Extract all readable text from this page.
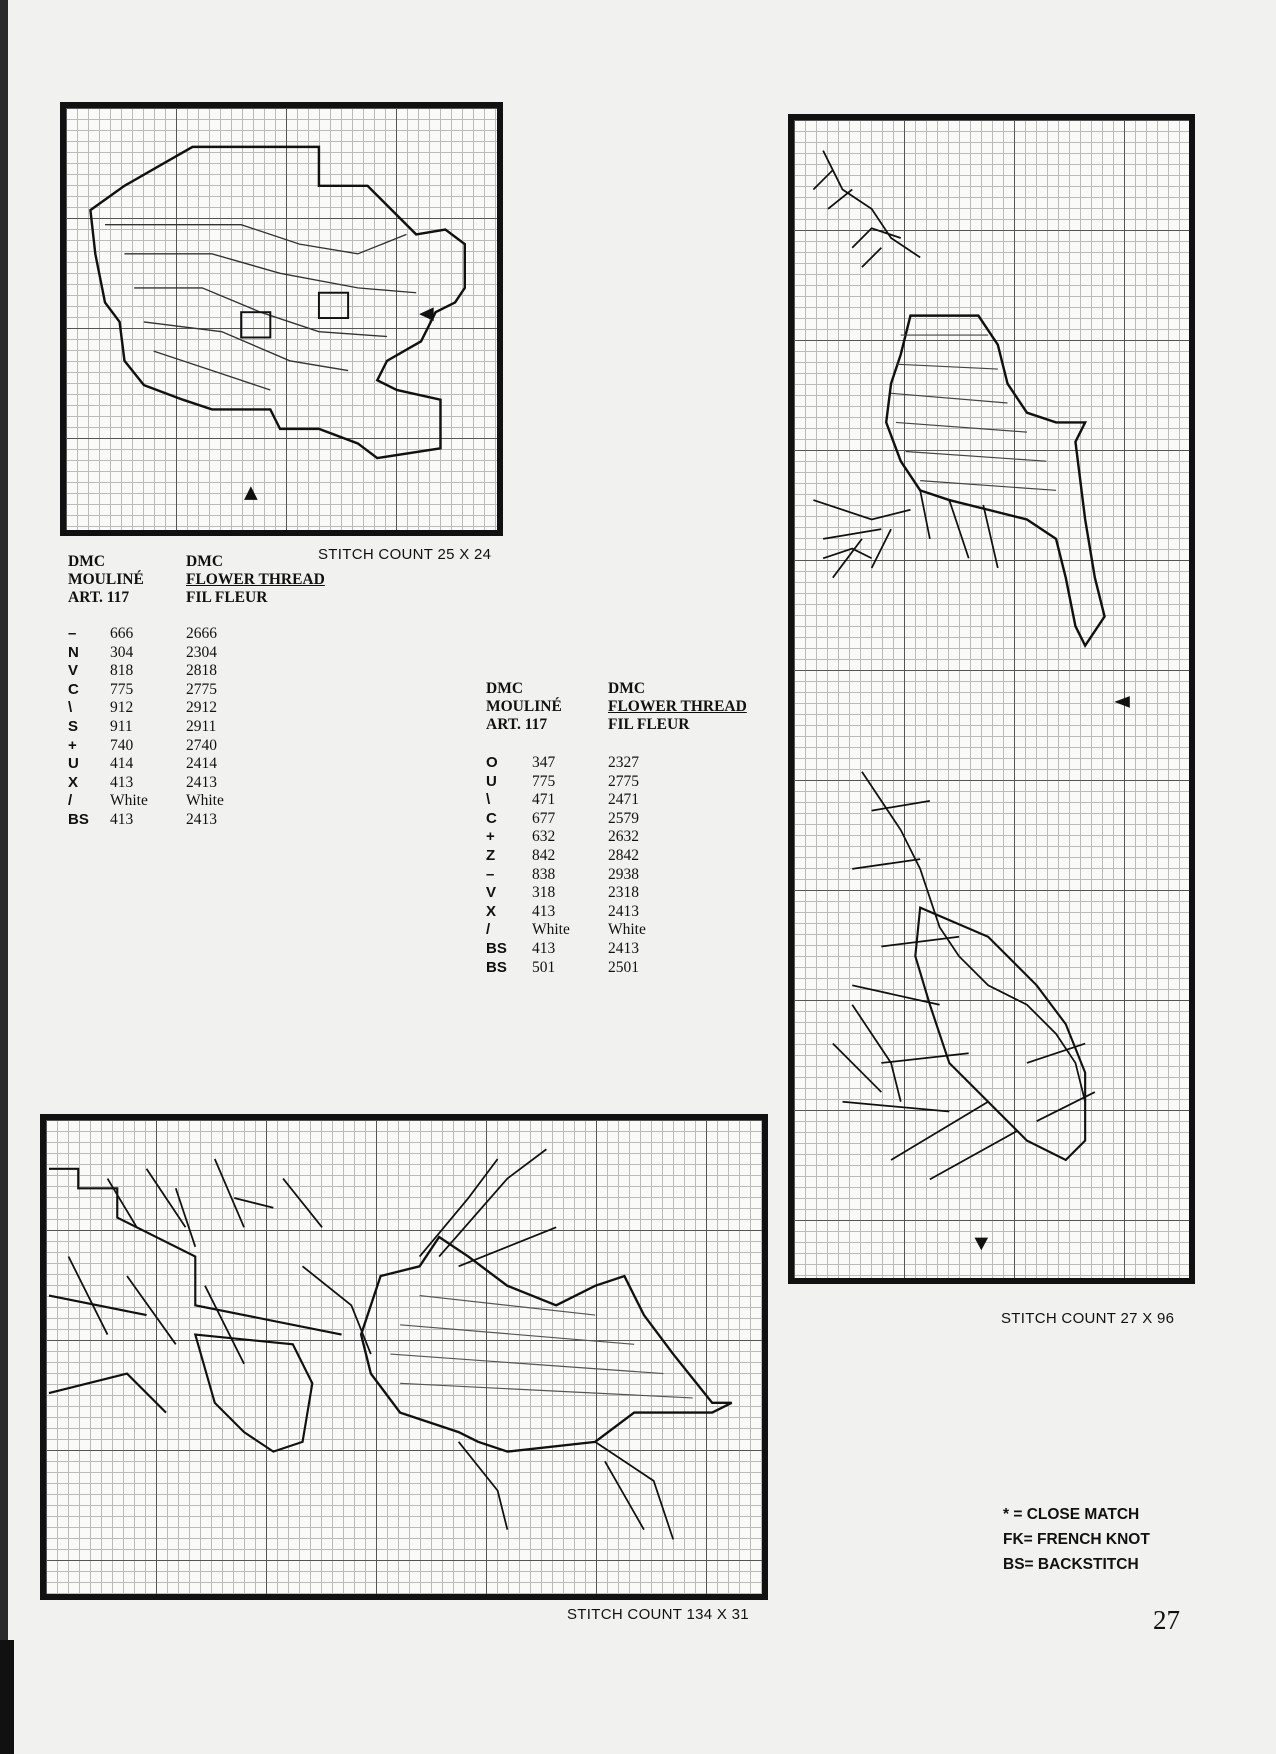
STITCH COUNT 25 X 24
STITCH COUNT 27 X 96
STITCH COUNT 134 X 31
DMC
MOULINÉ
ART. 117
DMC
FLOWER THREAD
FIL FLEUR
– 666	2666
N 304	2304
V 818	2818
C 775	2775
\ 912	2912
S 911	2911
+ 740	2740
U 414	2414
X 413	2413
/ White White
BS 413	2413
DMC
MOULINÉ
ART. 117
DMC
FLOWER THREAD
FIL FLEUR
O 347	2327
U 775	2775
\	471	2471
C 677	2579
+ 632	2632
Z 842	2842
– 838	2938
V 318	2318
X 413	2413
/	White White
BS 413	2413
BS 501	2501
* = CLOSE MATCH
FK= FRENCH KNOT
BS= BACKSTITCH
27
